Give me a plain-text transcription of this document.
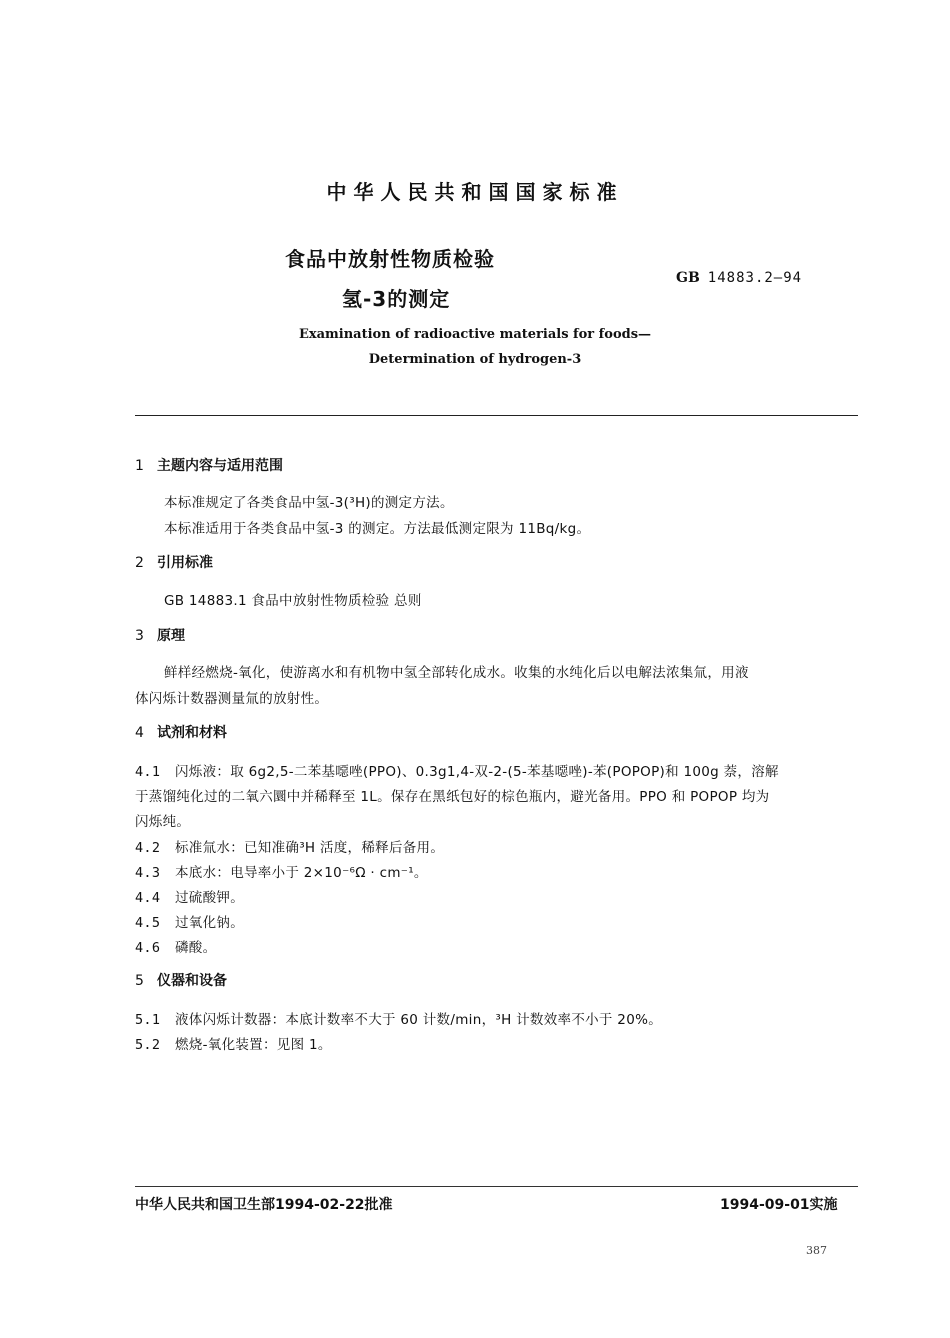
中华人民共和国国家标准
食品中放射性物质检验
氢-3的测定
GB 14883.2—94
Examination of radioactive materials for foods—
Determination of hydrogen-3
1 主题内容与适用范围
本标准规定了各类食品中氢-3(³H)的测定方法。
本标准适用于各类食品中氢-3 的测定。方法最低测定限为 11Bq/kg。
2 引用标准
GB 14883.1 食品中放射性物质检验 总则
3 原理
鲜样经燃烧-氧化，使游离水和有机物中氢全部转化成水。收集的水纯化后以电解法浓集氚，用液
体闪烁计数器测量氚的放射性。
4 试剂和材料
4.1 闪烁液：取 6g2,5-二苯基噁唑(PPO)、0.3g1,4-双-2-(5-苯基噁唑)-苯(POPOP)和 100g 萘，溶解
于蒸馏纯化过的二氧六圜中并稀释至 1L。保存在黑纸包好的棕色瓶内，避光备用。PPO 和 POPOP 均为
闪烁纯。
4.2 标准氚水：已知准确³H 活度，稀释后备用。
4.3 本底水：电导率小于 2×10⁻⁶Ω · cm⁻¹。
4.4 过硫酸钾。
4.5 过氧化钠。
4.6 磷酸。
5 仪器和设备
5.1 液体闪烁计数器：本底计数率不大于 60 计数/min，³H 计数效率不小于 20%。
5.2 燃烧-氧化装置：见图 1。
中华人民共和国卫生部1994-02-22批准	1994-09-01实施
387
